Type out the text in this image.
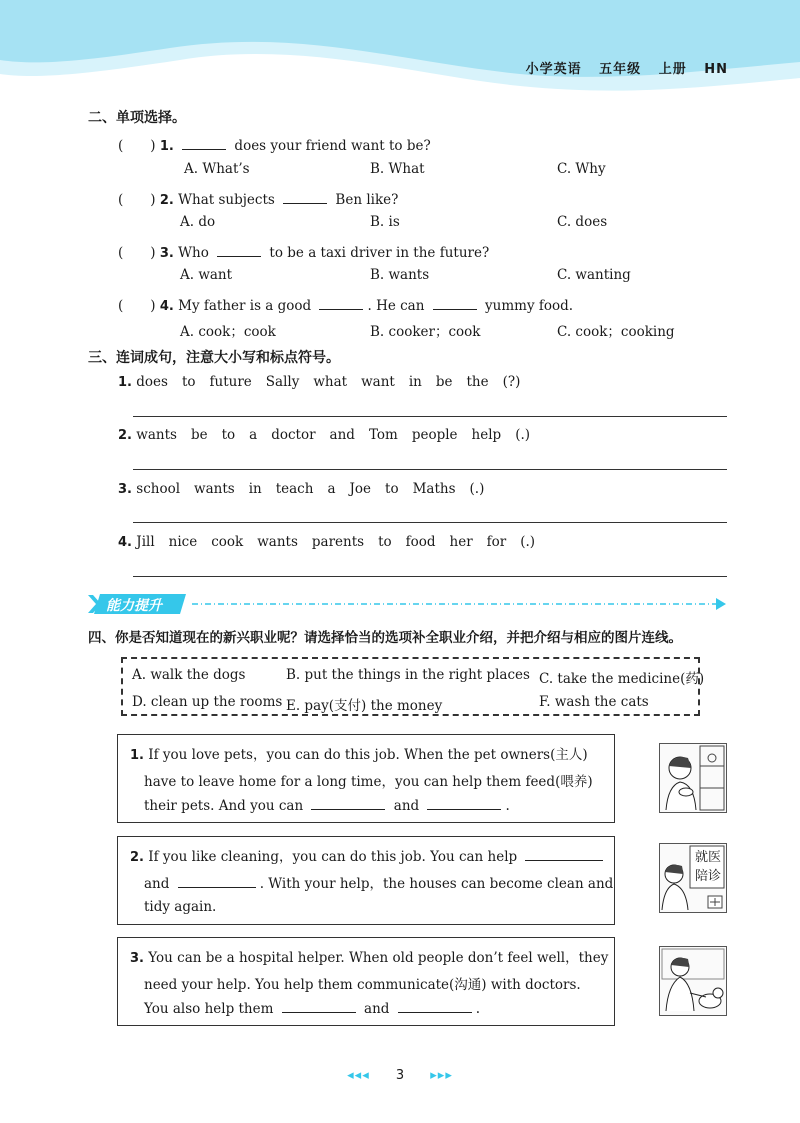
小学英语 五年级 上册 HN
二、单项选择。
(　　) 1.	does your friend want to be?
A. What’s	B. What	C. Why
(　　) 2. What subjects	Ben like?
A. do	B. is	C. does
(　　) 3. Who	to be a taxi driver in the future?
A. want	B. wants	C. wanting
(　　) 4. My father is a good	. He can	yummy food.
A. cook；cook	B. cooker；cook	C. cook；cooking
三、连词成句，注意大小写和标点符号。
1. does to future Sally what want in be the (?)
2. wants be to a doctor and Tom people help (.)
3. school wants in teach a Joe to Maths (.)
4. Jill nice cook wants parents to food her for (.)
能力提升
四、你是否知道现在的新兴职业呢？请选择恰当的选项补全职业介绍，并把介绍与相应的图片连线。
A. walk the dogs	B. put the things in the right places C. take the medicine(药)
D. clean up the rooms E. pay(支付) the money	F. wash the cats
1. If you love pets，you can do this job. When the pet owners(主人)
have to leave home for a long time，you can help them feed(喂养)
their pets. And you can	and	.
2. If you like cleaning，you can do this job. You can help
and	. With your help，the houses can become clean and
tidy again.
就医
陪诊
3. You can be a hospital helper. When old people don’t feel well，they
need your help. You help them communicate(沟通) with doctors.
You also help them	and	.
◂◂◂ 3 ▸▸▸
